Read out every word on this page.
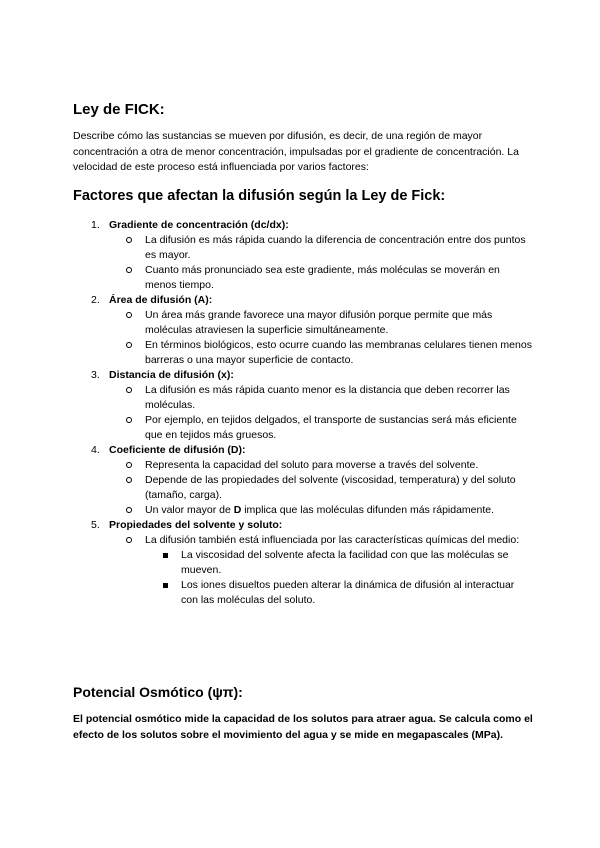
Ley de FICK:

Describe cómo las sustancias se mueven por difusión, es decir, de una región de mayor concentración a otra de menor concentración, impulsadas por el gradiente de concentración. La velocidad de este proceso está influenciada por varios factores:

Factores que afectan la difusión según la Ley de Fick:
1. Gradiente de concentración (dc/dx):
La difusión es más rápida cuando la diferencia de concentración entre dos puntos es mayor.
Cuanto más pronunciado sea este gradiente, más moléculas se moverán en menos tiempo.
2. Área de difusión (A):
Un área más grande favorece una mayor difusión porque permite que más moléculas atraviesen la superficie simultáneamente.
En términos biológicos, esto ocurre cuando las membranas celulares tienen menos barreras o una mayor superficie de contacto.
3. Distancia de difusión (x):
La difusión es más rápida cuanto menor es la distancia que deben recorrer las moléculas.
Por ejemplo, en tejidos delgados, el transporte de sustancias será más eficiente que en tejidos más gruesos.
4. Coeficiente de difusión (D):
Representa la capacidad del soluto para moverse a través del solvente.
Depende de las propiedades del solvente (viscosidad, temperatura) y del soluto (tamaño, carga).
Un valor mayor de D implica que las moléculas difunden más rápidamente.
5. Propiedades del solvente y soluto:
La difusión también está influenciada por las características químicas del medio:
La viscosidad del solvente afecta la facilidad con que las moléculas se mueven.
Los iones disueltos pueden alterar la dinámica de difusión al interactuar con las moléculas del soluto.
Potencial Osmótico (ψπ):

El potencial osmótico mide la capacidad de los solutos para atraer agua. Se calcula como el efecto de los solutos sobre el movimiento del agua y se mide en megapascales (MPa).
